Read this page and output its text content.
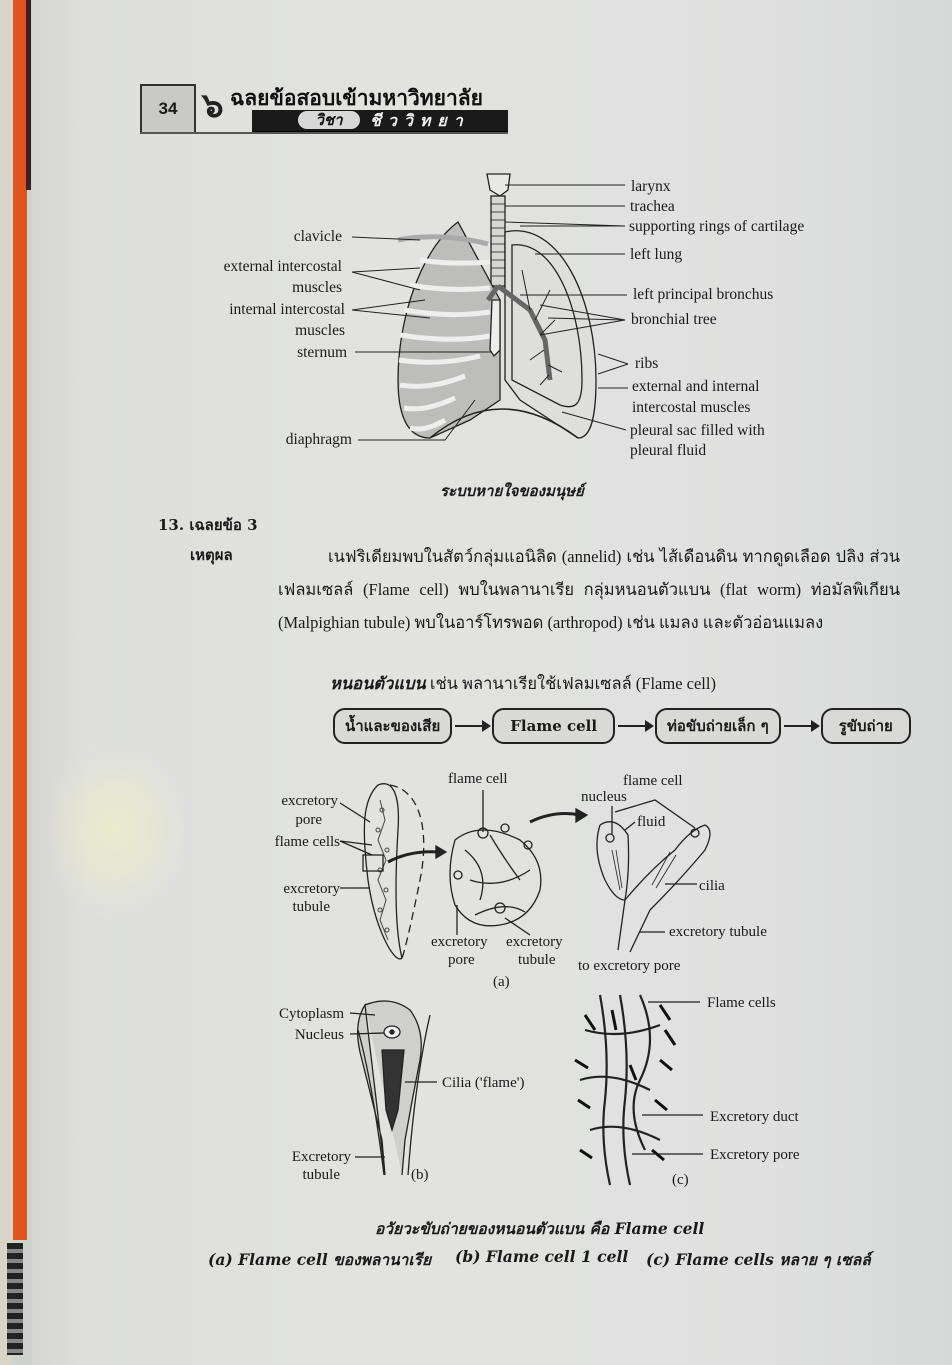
34 ๖ ฉลยข้อสอบเข้ามหาวิทยาลัย
วิชา	ชีววิทยา
clavicle
external intercostal
muscles
internal intercostal
muscles
sternum
diaphragm
larynx
trachea
supporting rings of cartilage
left lung
left principal bronchus
bronchial tree
ribs
external and internal
intercostal muscles
pleural sac filled with
pleural fluid
ระบบหายใจของมนุษย์
13. เฉลยข้อ 3
เหตุผล	เนฟริเดียมพบในสัตว์กลุ่มแอนิลิด (annelid) เช่น ไส้เดือนดิน ทากดูดเลือด ปลิง ส่วนเฟลมเซลล์ (Flame cell) พบในพลานาเรีย กลุ่มหนอนตัวแบน (flat worm) ท่อมัลพิเกียน (Malpighian tubule) พบในอาร์โทรพอด (arthropod) เช่น แมลง และตัวอ่อนแมลง
หนอนตัวแบน เช่น พลานาเรียใช้เฟลมเซลล์ (Flame cell)
น้ำและของเสีย	Flame cell	ท่อขับถ่ายเล็ก ๆ	รูขับถ่าย
excretory
pore
flame cells
excretory
tubule
flame cell
excretory
pore
excretory
tubule
flame cell
nucleus
fluid
cilia
excretory tubule
to excretory pore
(a)
Cytoplasm
Nucleus
Cilia ('flame')
Excretory
tubule	(b)
Flame cells
Excretory duct
Excretory pore
(c)
อวัยวะขับถ่ายของหนอนตัวแบน คือ Flame cell
(a) Flame cell ของพลานาเรีย (b) Flame cell 1 cell (c) Flame cells หลาย ๆ เซลล์
